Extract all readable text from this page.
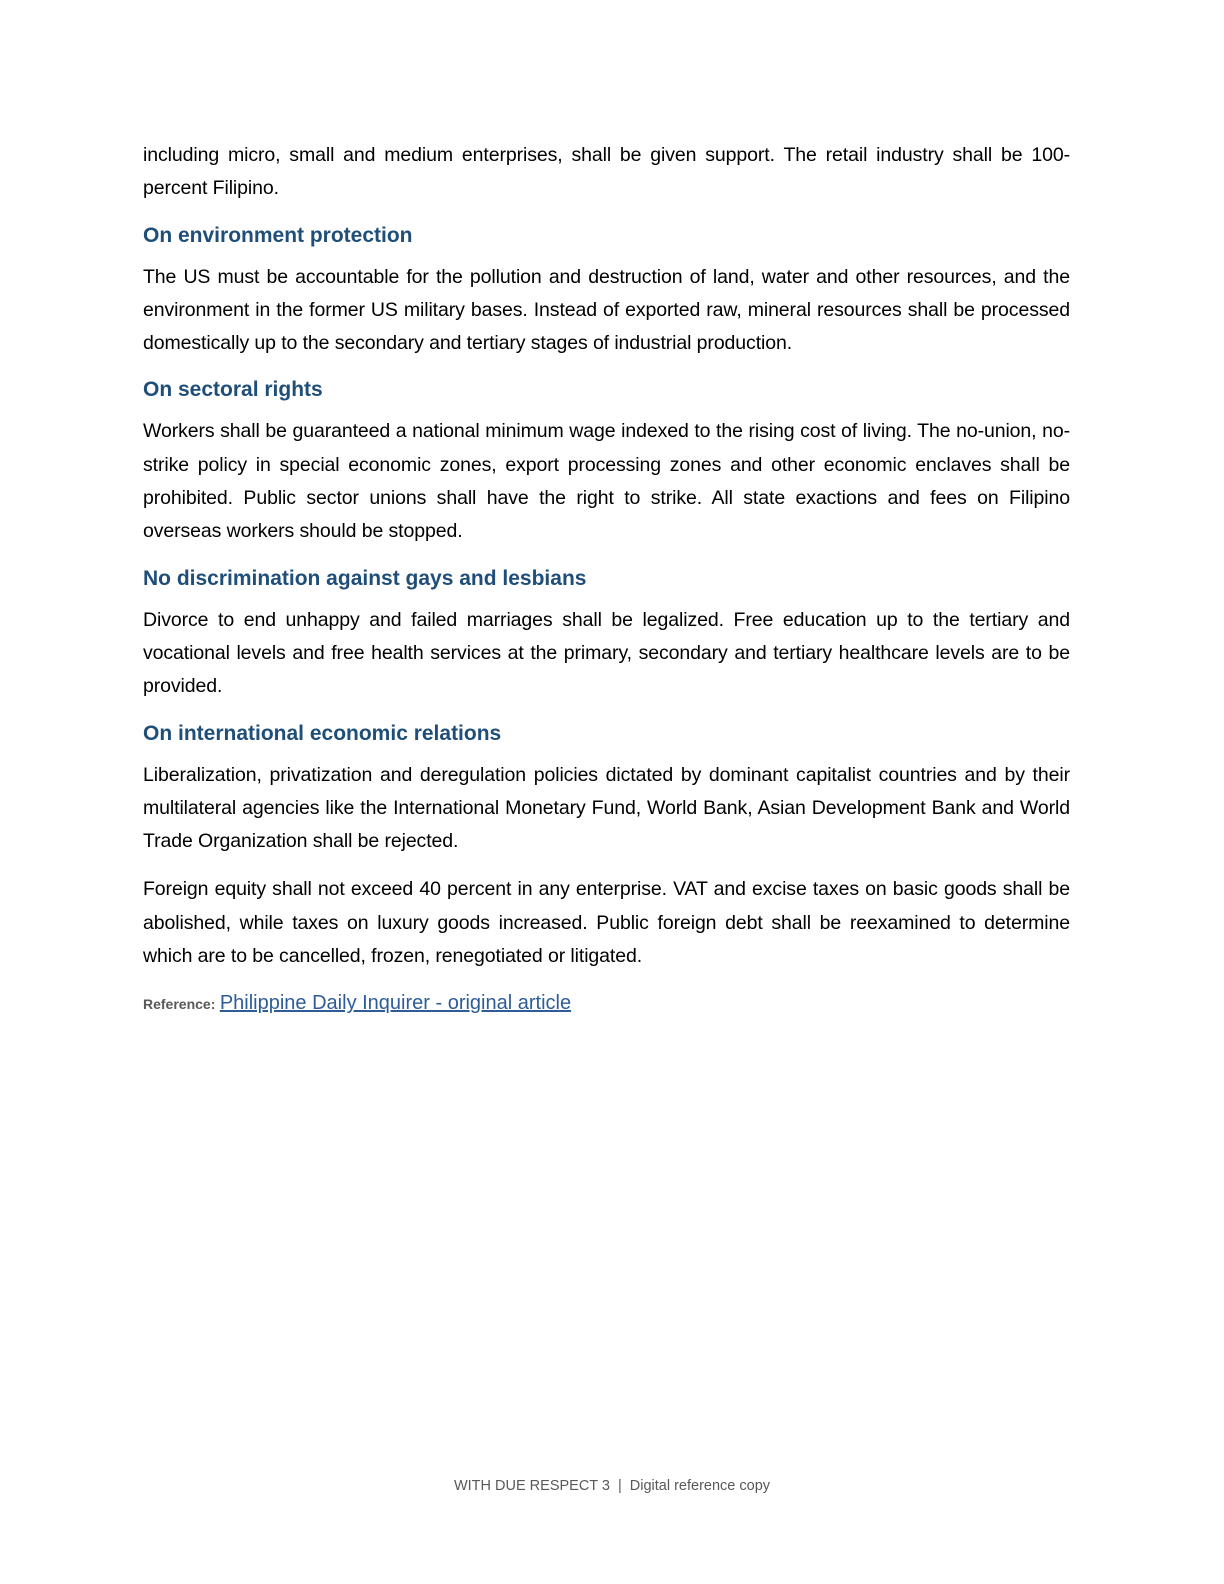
including micro, small and medium enterprises, shall be given support. The retail industry shall be 100-percent Filipino.

On environment protection

The US must be accountable for the pollution and destruction of land, water and other resources, and the environment in the former US military bases. Instead of exported raw, mineral resources shall be processed domestically up to the secondary and tertiary stages of industrial production.

On sectoral rights

Workers shall be guaranteed a national minimum wage indexed to the rising cost of living. The no-union, no-strike policy in special economic zones, export processing zones and other economic enclaves shall be prohibited. Public sector unions shall have the right to strike. All state exactions and fees on Filipino overseas workers should be stopped.

No discrimination against gays and lesbians

Divorce to end unhappy and failed marriages shall be legalized. Free education up to the tertiary and vocational levels and free health services at the primary, secondary and tertiary healthcare levels are to be provided.

On international economic relations

Liberalization, privatization and deregulation policies dictated by dominant capitalist countries and by their multilateral agencies like the International Monetary Fund, World Bank, Asian Development Bank and World Trade Organization shall be rejected.

Foreign equity shall not exceed 40 percent in any enterprise. VAT and excise taxes on basic goods shall be abolished, while taxes on luxury goods increased. Public foreign debt shall be reexamined to determine which are to be cancelled, frozen, renegotiated or litigated.

Reference: Philippine Daily Inquirer - original article
WITH DUE RESPECT 3 | Digital reference copy
